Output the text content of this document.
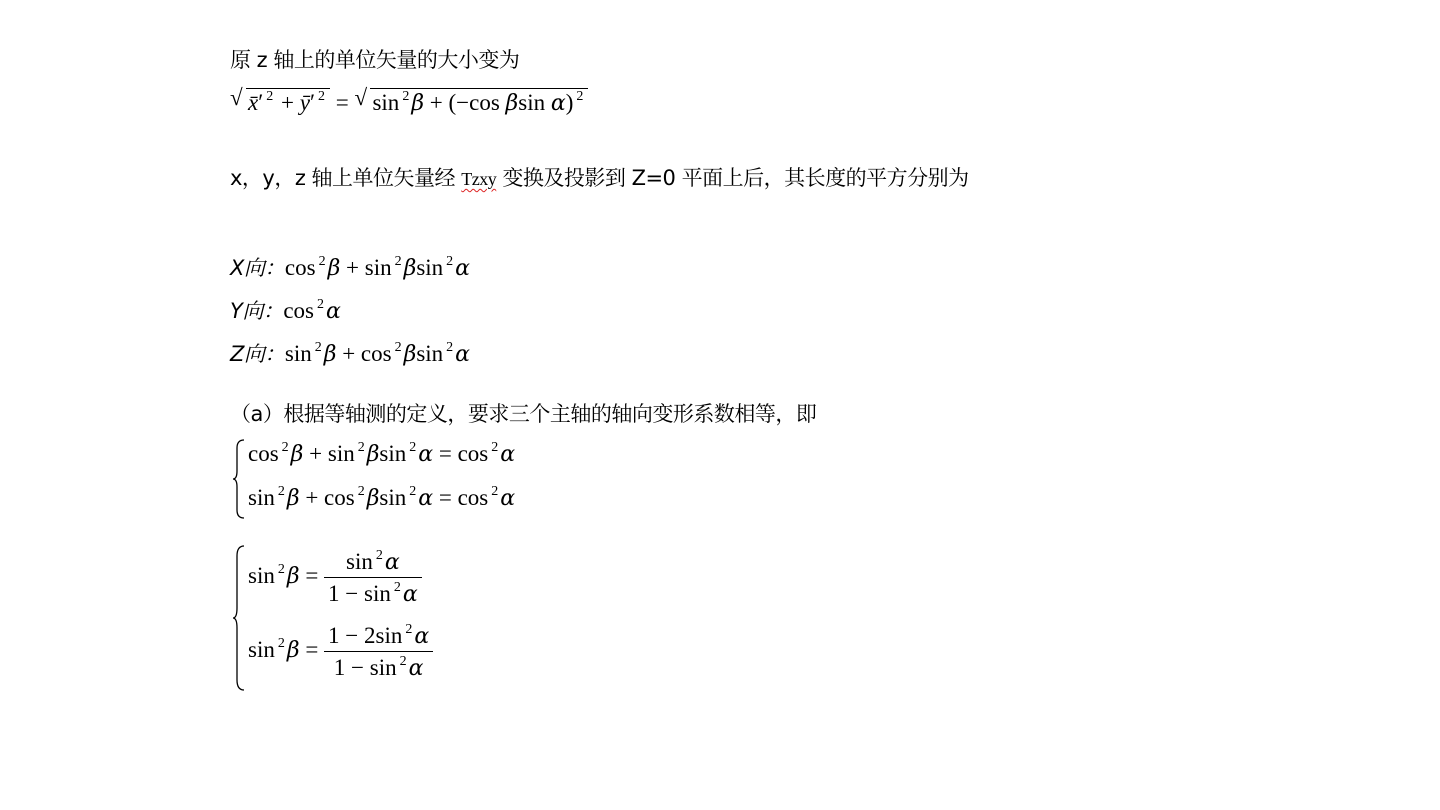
原 z 轴上的单位矢量的大小变为
√ x̄′ $^2$ + ȳ′ $^2$ = √ sin $^2$β + (−cos βsin α) $^2$
x，y，z 轴上单位矢量经 Tzxy 变换及投影到 Z=0 平面上后，其长度的平方分别为
X向：cos $^2$β + sin $^2$βsin $^2$α
Y向：cos $^2$α
Z向：sin $^2$β + cos $^2$βsin $^2$α
（a）根据等轴测的定义，要求三个主轴的轴向变形系数相等，即
cos $^2$β + sin $^2$βsin $^2$α = cos $^2$α
sin $^2$β + cos $^2$βsin $^2$α = cos $^2$α
$\sin ^2\beta = \frac{\sin ^2\alpha}{1 - \sin ^2\alpha}$
$\sin ^2\beta = \frac{1 - 2\sin ^2\alpha}{1 - \sin ^2\alpha}$
